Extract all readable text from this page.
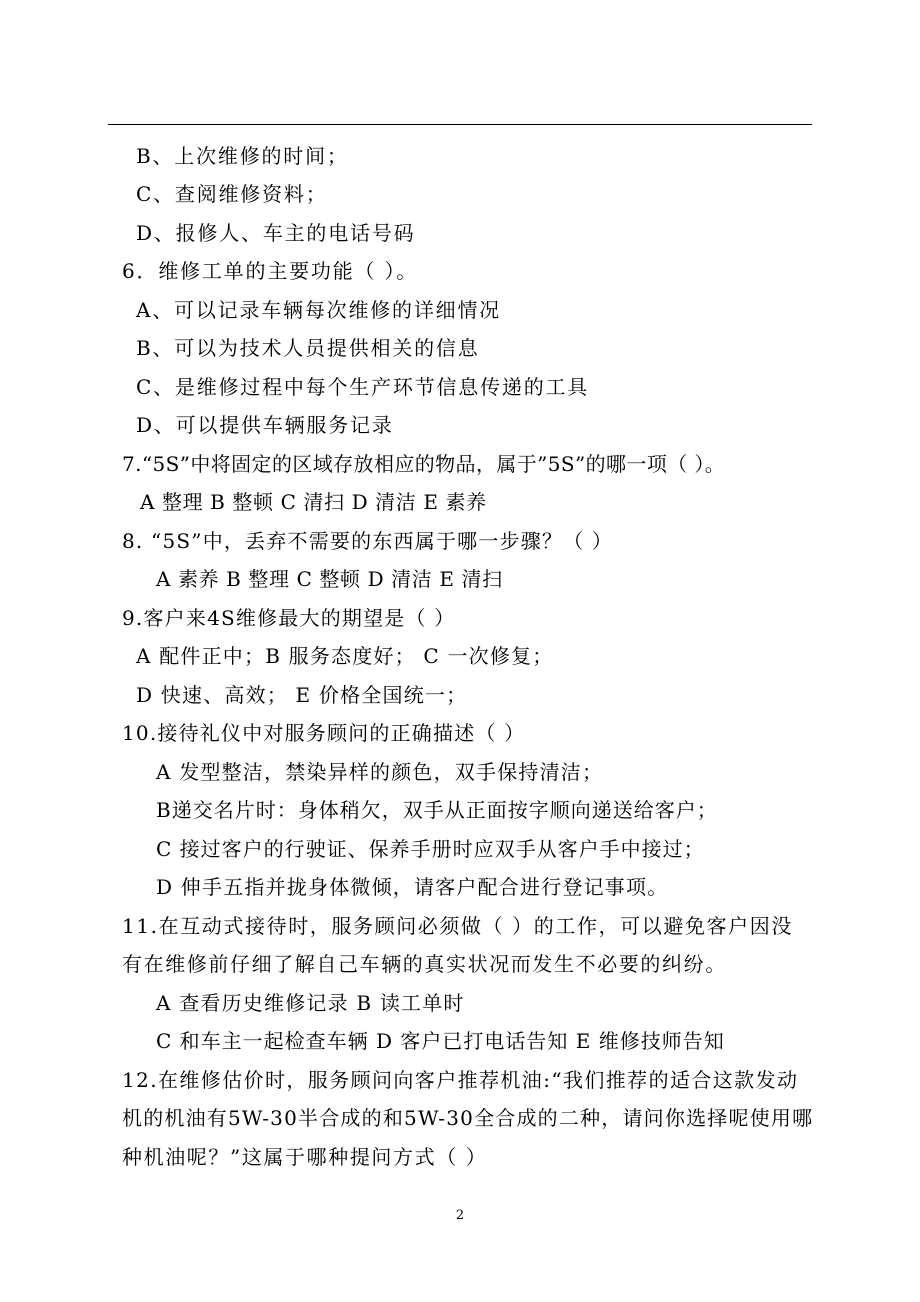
B、上次维修的时间；
C、查阅维修资料；
D、报修人、车主的电话号码
6．维修工单的主要功能（ ）。
A、可以记录车辆每次维修的详细情况
B、可以为技术人员提供相关的信息
C、是维修过程中每个生产环节信息传递的工具
D、可以提供车辆服务记录
7.“5S”中将固定的区域存放相应的物品，属于”5S”的哪一项（ ）。
A 整理 B 整顿 C 清扫 D 清洁 E 素养
8. “5S”中，丢弃不需要的东西属于哪一步骤？（ ）
A 素养 B 整理 C 整顿 D 清洁 E 清扫
9.客户来4S维修最大的期望是（ ）
A 配件正中；B 服务态度好； C 一次修复；
D 快速、高效； E 价格全国统一；
10.接待礼仪中对服务顾问的正确描述（ ）
A 发型整洁，禁染异样的颜色，双手保持清洁；
B递交名片时：身体稍欠，双手从正面按字顺向递送给客户；
C 接过客户的行驶证、保养手册时应双手从客户手中接过；
D 伸手五指并拢身体微倾，请客户配合进行登记事项。
11.在互动式接待时，服务顾问必须做（ ）的工作，可以避免客户因没
有在维修前仔细了解自己车辆的真实状况而发生不必要的纠纷。
A 查看历史维修记录 B 读工单时
C 和车主一起检查车辆 D 客户已打电话告知 E 维修技师告知
12.在维修估价时，服务顾问向客户推荐机油:“我们推荐的适合这款发动
机的机油有5W-30半合成的和5W-30全合成的二种，请问你选择呢使用哪
种机油呢？”这属于哪种提问方式（ ）
2
